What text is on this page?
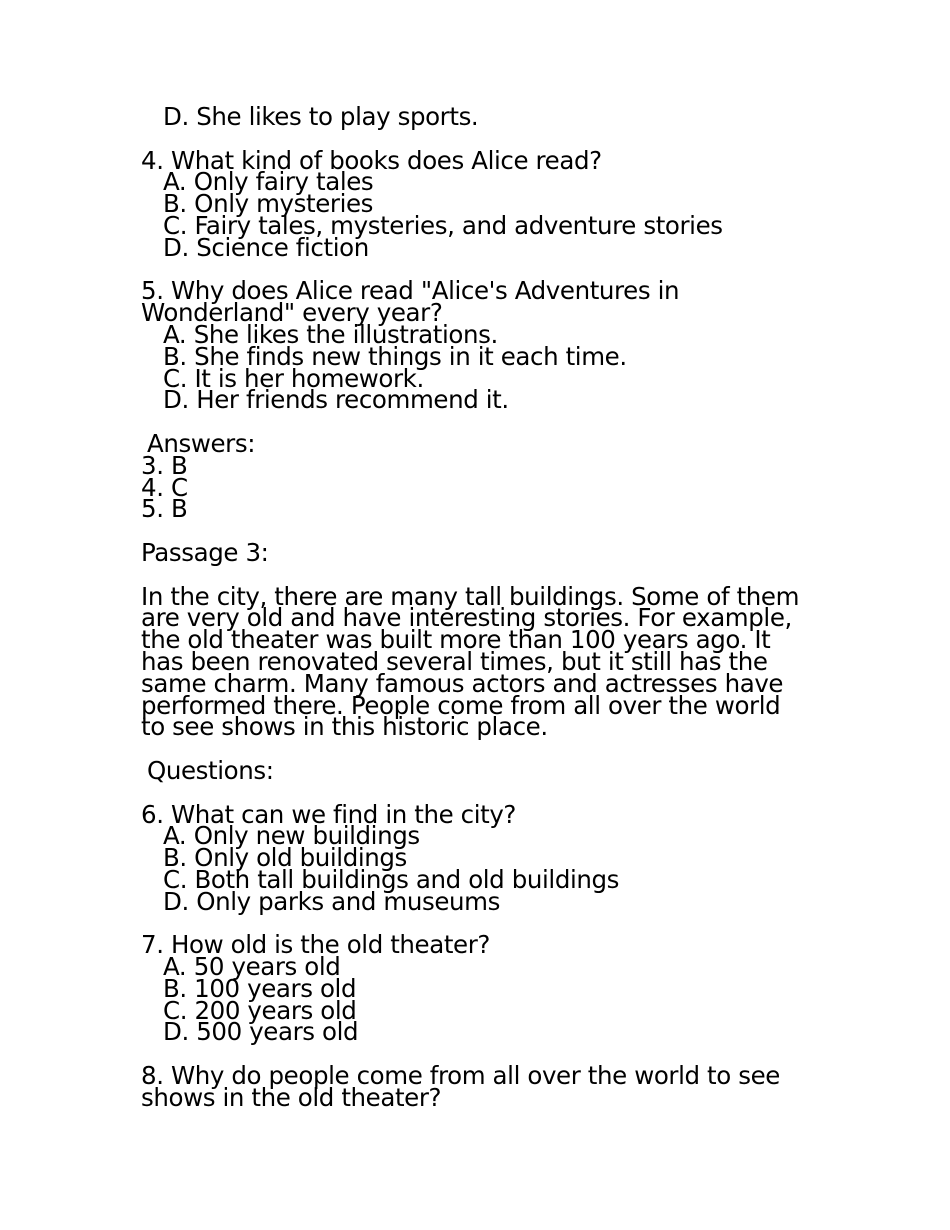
D. She likes to play sports.
4. What kind of books does Alice read?
A. Only fairy tales
B. Only mysteries
C. Fairy tales, mysteries, and adventure stories
D. Science fiction
5. Why does Alice read "Alice's Adventures in
Wonderland" every year?
A. She likes the illustrations.
B. She finds new things in it each time.
C. It is her homework.
D. Her friends recommend it.
Answers:
3. B
4. C
5. B
Passage 3:
In the city, there are many tall buildings. Some of them
are very old and have interesting stories. For example,
the old theater was built more than 100 years ago. It
has been renovated several times, but it still has the
same charm. Many famous actors and actresses have
performed there. People come from all over the world
to see shows in this historic place.
Questions:
6. What can we find in the city?
A. Only new buildings
B. Only old buildings
C. Both tall buildings and old buildings
D. Only parks and museums
7. How old is the old theater?
A. 50 years old
B. 100 years old
C. 200 years old
D. 500 years old
8. Why do people come from all over the world to see
shows in the old theater?
